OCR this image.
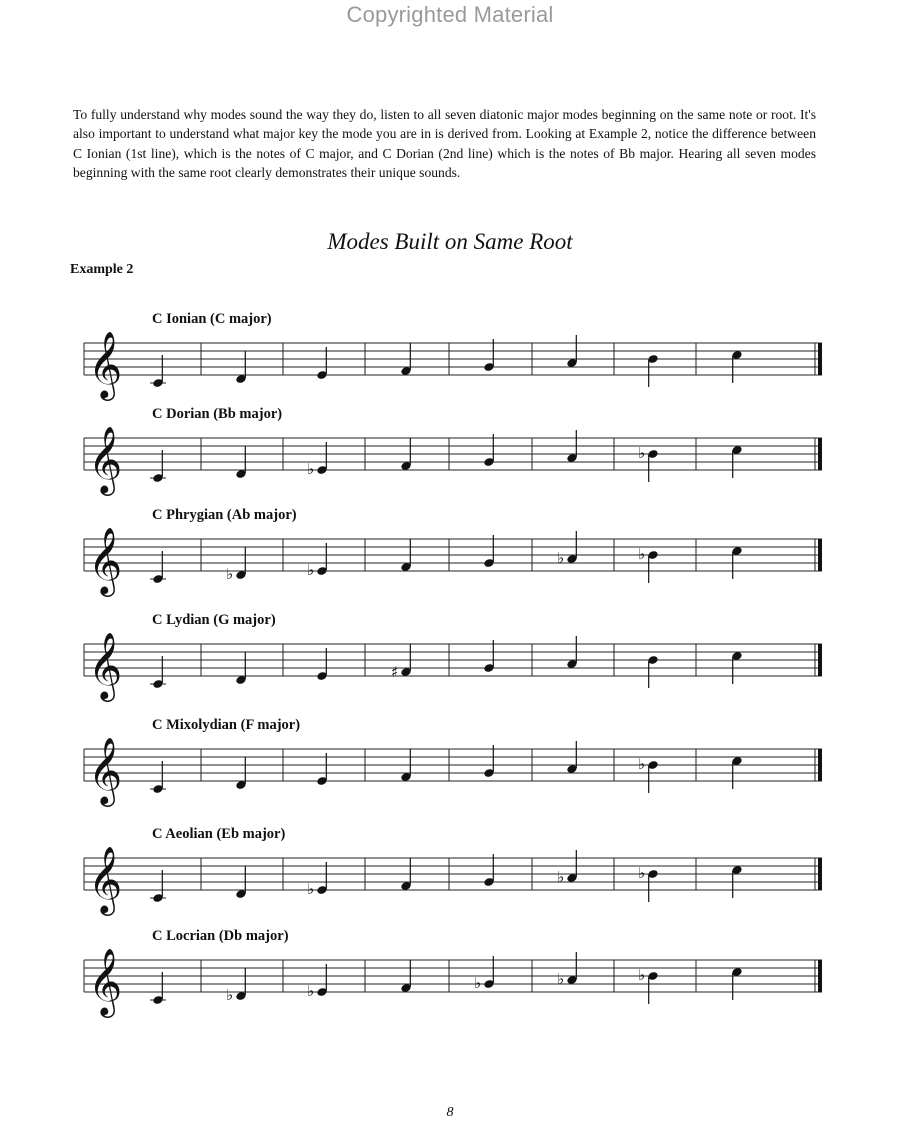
Copyrighted Material

To fully understand why modes sound the way they do, listen to all seven diatonic major modes beginning on the same note or root. It's also important to understand what major key the mode you are in is derived from. Looking at Example 2, notice the difference between C Ionian (1st line), which is the notes of C major, and C Dorian (2nd line) which is the notes of Bb major. Hearing all seven modes beginning with the same root clearly demonstrates their unique sounds.

Modes Built on Same Root
Example 2
C Ionian (C major)
𝄞
C Dorian (Bb major)
𝄞	♭
♭
C Phrygian (Ab major)
𝄞	♭	♭
♭	♭
C Lydian (G major)
𝄞	♯
C Mixolydian (F major)
𝄞	♭
C Aeolian (Eb major)
𝄞	♭
♭	♭
C Locrian (Db major)
𝄞	♭	♭	♭	♭	♭
8
